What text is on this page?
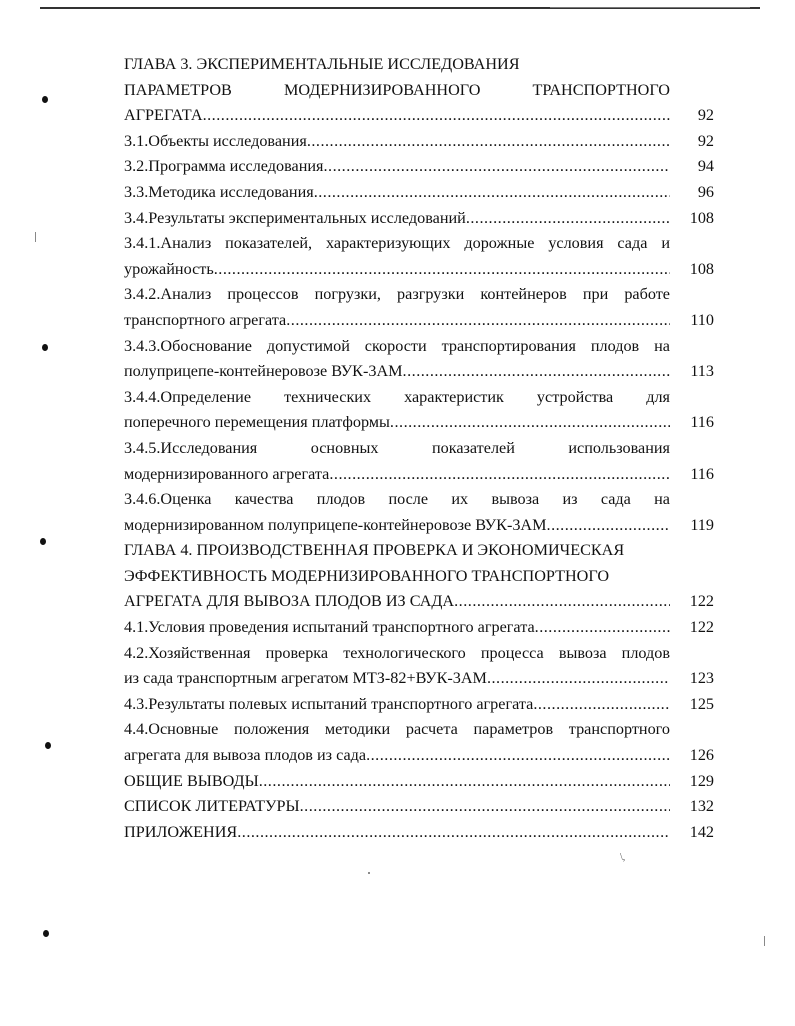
ГЛАВА 3. ЭКСПЕРИМЕНТАЛЬНЫЕ ИССЛЕДОВАНИЯ
ПАРАМЕТРОВ МОДЕРНИЗИРОВАННОГО ТРАНСПОРТНОГО
АГРЕГАТА .....	92
3.1.Объекты исследования .....	92
3.2.Программа исследования .....	94
3.3.Методика исследования .....	96
3.4.Результаты экспериментальных исследований .....	108
3.4.1.Анализ показателей, характеризующих дорожные условия сада и
урожайность .....	108
3.4.2.Анализ процессов погрузки, разгрузки контейнеров при работе
транспортного агрегата .....	110
3.4.3.Обоснование допустимой скорости транспортирования плодов на
полуприцепе-контейнеровозе ВУК-3АМ .....	113
3.4.4.Определение технических характеристик устройства для
поперечного перемещения платформы .....	116
3.4.5.Исследования основных показателей использования
модернизированного агрегата .....	116
3.4.6.Оценка качества плодов после их вывоза из сада на
модернизированном полуприцепе-контейнеровозе ВУК-3АМ .....	119
ГЛАВА 4. ПРОИЗВОДСТВЕННАЯ ПРОВЕРКА И ЭКОНОМИЧЕСКАЯ
ЭФФЕКТИВНОСТЬ МОДЕРНИЗИРОВАННОГО ТРАНСПОРТНОГО
АГРЕГАТА ДЛЯ ВЫВОЗА ПЛОДОВ ИЗ САДА .....	122
4.1.Условия проведения испытаний транспортного агрегата .....	122
4.2.Хозяйственная проверка технологического процесса вывоза плодов
из сада транспортным агрегатом МТЗ-82+ВУК-3АМ .....	123
4.3.Результаты полевых испытаний транспортного агрегата .....	125
4.4.Основные положения методики расчета параметров транспортного
агрегата для вывоза плодов из сада .....	126
ОБЩИЕ ВЫВОДЫ .....	129
СПИСОК ЛИТЕРАТУРЫ .....	132
ПРИЛОЖЕНИЯ .....	142
\,
